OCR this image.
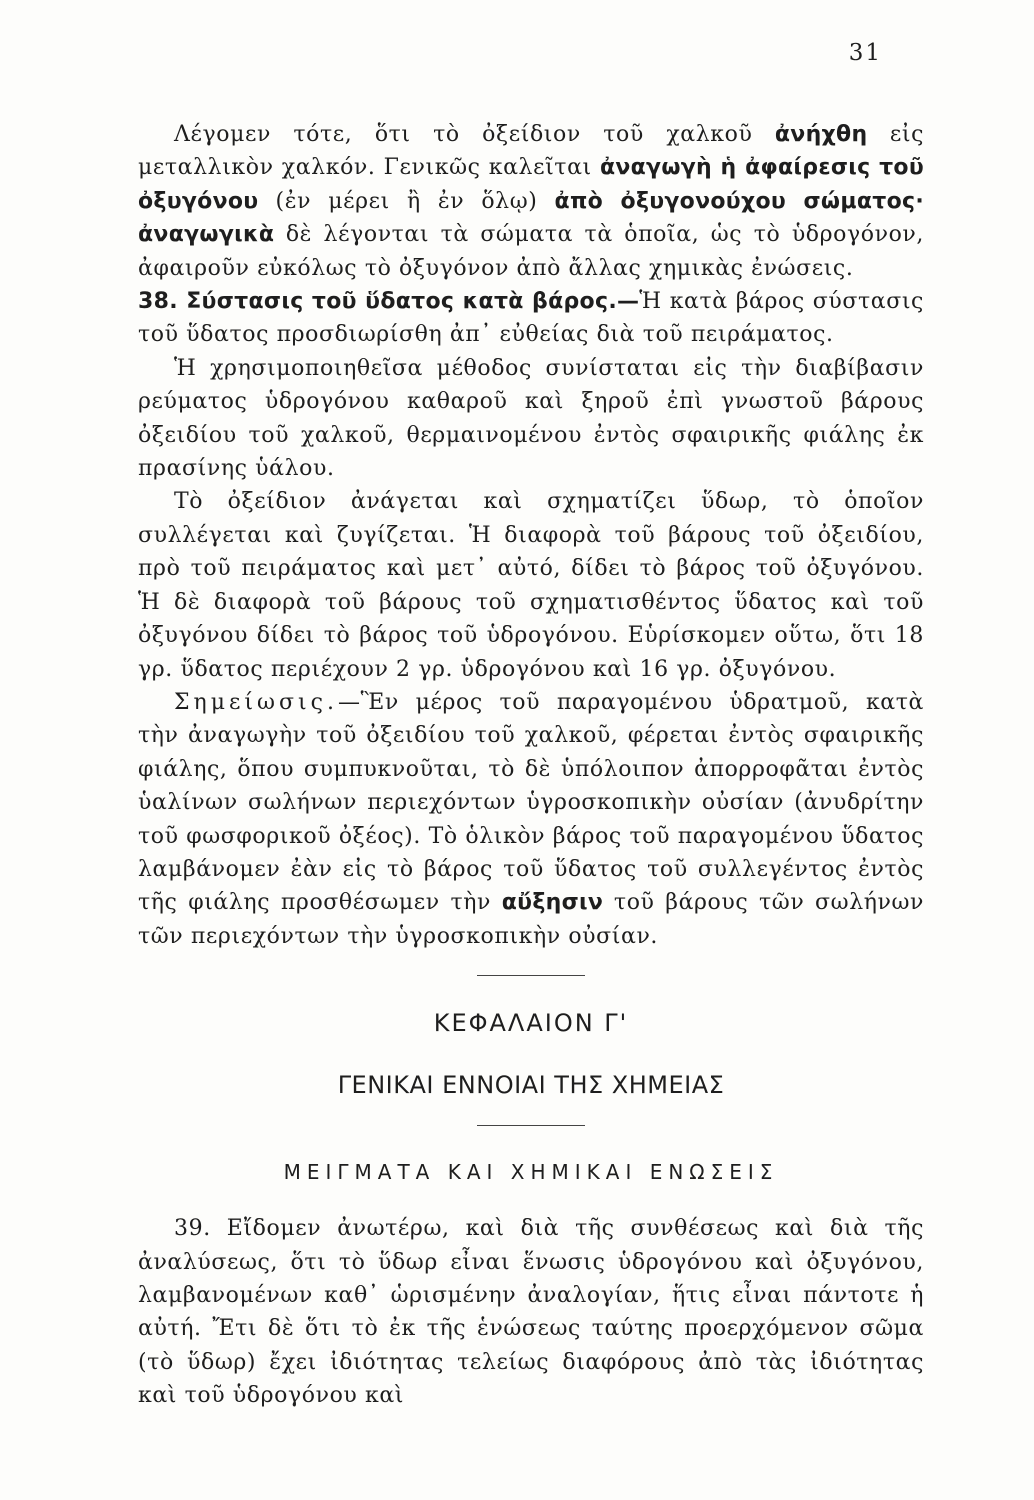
31

Λέγομεν τότε, ὅτι τὸ ὀξείδιον τοῦ χαλκοῦ ἀνήχθη εἰς μεταλλικὸν χαλκόν. Γενικῶς καλεῖται ἀναγωγὴ ἡ ἀφαίρεσις τοῦ ὀξυγόνου (ἐν μέρει ἢ ἐν ὅλῳ) ἀπὸ ὀξυγονούχου σώματος· ἀναγωγικὰ δὲ λέγονται τὰ σώματα τὰ ὁποῖα, ὡς τὸ ὑδρογόνον, ἀφαιροῦν εὐκόλως τὸ ὀξυγόνον ἀπὸ ἄλλας χημικὰς ἐνώσεις.

38. Σύστασις τοῦ ὕδατος κατὰ βάρος.—Ἡ κατὰ βάρος σύστασις τοῦ ὕδατος προσδιωρίσθη ἀπ᾽ εὐθείας διὰ τοῦ πειράματος.

Ἡ χρησιμοποιηθεῖσα μέθοδος συνίσταται εἰς τὴν διαβίβασιν ρεύματος ὑδρογόνου καθαροῦ καὶ ξηροῦ ἐπὶ γνωστοῦ βάρους ὀξειδίου τοῦ χαλκοῦ, θερμαινομένου ἐντὸς σφαιρικῆς φιάλης ἐκ πρασίνης ὑάλου.

Τὸ ὀξείδιον ἀνάγεται καὶ σχηματίζει ὕδωρ, τὸ ὁποῖον συλλέγεται καὶ ζυγίζεται. Ἡ διαφορὰ τοῦ βάρους τοῦ ὀξειδίου, πρὸ τοῦ πειράματος καὶ μετ᾽ αὐτό, δίδει τὸ βάρος τοῦ ὀξυγόνου. Ἡ δὲ διαφορὰ τοῦ βάρους τοῦ σχηματισθέντος ὕδατος καὶ τοῦ ὀξυγόνου δίδει τὸ βάρος τοῦ ὑδρογόνου. Εὑρίσκομεν οὕτω, ὅτι 18 γρ. ὕδατος περιέχουν 2 γρ. ὑδρογόνου καὶ 16 γρ. ὀξυγόνου.

Σημείωσις.—Ἓν μέρος τοῦ παραγομένου ὑδρατμοῦ, κατὰ τὴν ἀναγωγὴν τοῦ ὀξειδίου τοῦ χαλκοῦ, φέρεται ἐντὸς σφαιρικῆς φιάλης, ὅπου συμπυκνοῦται, τὸ δὲ ὑπόλοιπον ἀπορροφᾶται ἐντὸς ὑαλίνων σωλήνων περιεχόντων ὑγροσκοπικὴν οὐσίαν (ἀνυδρίτην τοῦ φωσφορικοῦ ὀξέος). Τὸ ὁλικὸν βάρος τοῦ παραγομένου ὕδατος λαμβάνομεν ἐὰν εἰς τὸ βάρος τοῦ ὕδατος τοῦ συλλεγέντος ἐντὸς τῆς φιάλης προσθέσωμεν τὴν αὔξησιν τοῦ βάρους τῶν σωλήνων τῶν περιεχόντων τὴν ὑγροσκοπικὴν οὐσίαν.

ΚΕΦΑΛΑΙΟΝ Γ'
ΓΕΝΙΚΑΙ ΕΝΝΟΙΑΙ ΤΗΣ ΧΗΜΕΙΑΣ
ΜΕΙΓΜΑΤΑ ΚΑΙ ΧΗΜΙΚΑΙ ΕΝΩΣΕΙΣ

39. Εἴδομεν ἀνωτέρω, καὶ διὰ τῆς συνθέσεως καὶ διὰ τῆς ἀναλύσεως, ὅτι τὸ ὕδωρ εἶναι ἕνωσις ὑδρογόνου καὶ ὀξυγόνου, λαμβανομένων καθ᾽ ὡρισμένην ἀναλογίαν, ἥτις εἶναι πάντοτε ἡ αὐτή. Ἔτι δὲ ὅτι τὸ ἐκ τῆς ἑνώσεως ταύτης προερχόμενον σῶμα (τὸ ὕδωρ) ἔχει ἰδιότητας τελείως διαφόρους ἀπὸ τὰς ἰδιότητας καὶ τοῦ ὑδρογόνου καὶ
